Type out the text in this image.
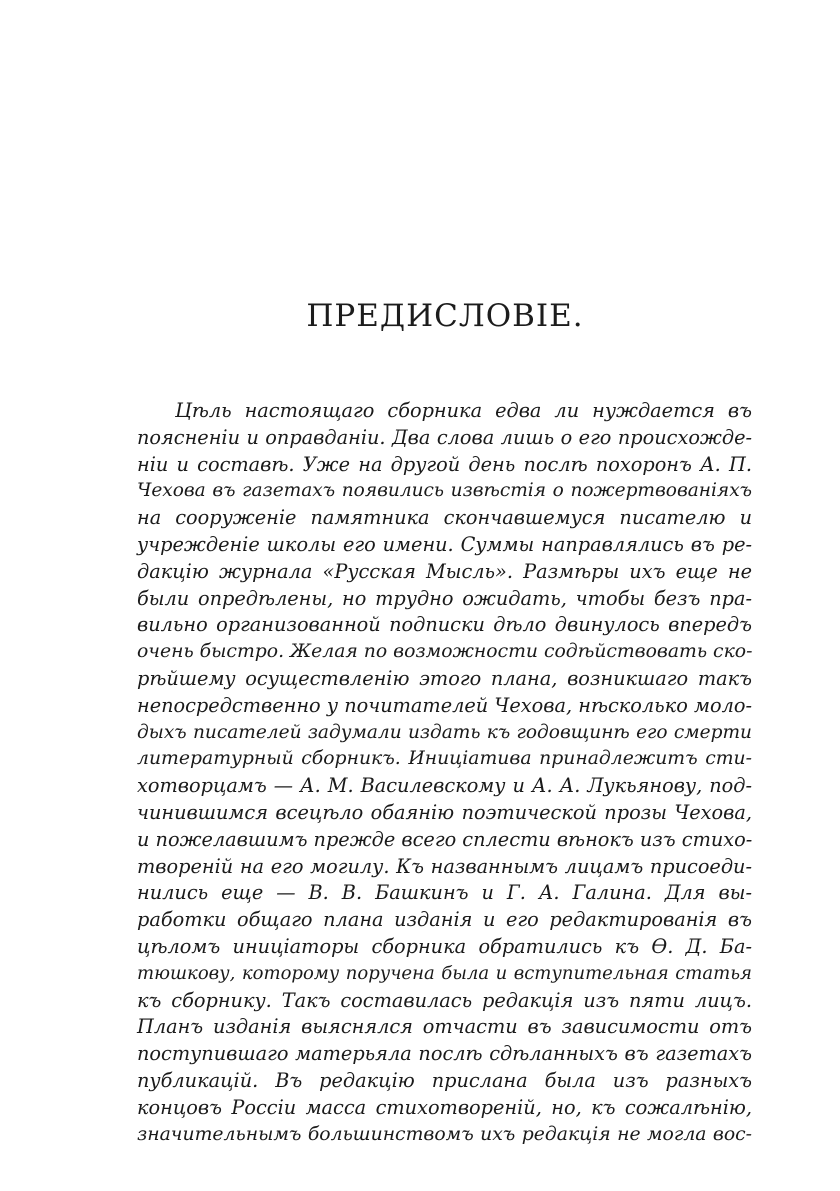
ПРЕДИСЛОВІЕ.
Цѣль настоящаго сборника едва ли нуждается въ
поясненіи и оправданіи. Два слова лишь о его происхожде-
ніи и составѣ. Уже на другой день послѣ похоронъ А. П.
Чехова въ газетахъ появились извѣстія о пожертвованіяхъ
на сооруженіе памятника скончавшемуся писателю и
учрежденіе школы его имени. Суммы направлялись въ ре-
дакцію журнала «Русская Мысль». Размѣры ихъ еще не
были опредѣлены, но трудно ожидать, чтобы безъ пра-
вильно организованной подписки дѣло двинулось впередъ
очень быстро. Желая по возможности содѣйствовать ско-
рѣйшему осуществленію этого плана, возникшаго такъ
непосредственно у почитателей Чехова, нѣсколько моло-
дыхъ писателей задумали издать къ годовщинѣ его смерти
литературный сборникъ. Иниціатива принадлежитъ сти-
хотворцамъ — А. М. Василевскому и А. А. Лукьянову, под-
чинившимся всецѣло обаянію поэтической прозы Чехова,
и пожелавшимъ прежде всего сплести вѣнокъ изъ стихо-
твореній на его могилу. Къ названнымъ лицамъ присоеди-
нились еще — В. В. Башкинъ и Г. А. Галина. Для вы-
работки общаго плана изданія и его редактированія въ
цѣломъ иниціаторы сборника обратились къ Ѳ. Д. Ба-
тюшкову, которому поручена была и вступительная статья
къ сборнику. Такъ составилась редакція изъ пяти лицъ.
Планъ изданія выяснялся отчасти въ зависимости отъ
поступившаго матерьяла послѣ сдѣланныхъ въ газетахъ
публикацій. Въ редакцію прислана была изъ разныхъ
концовъ Россіи масса стихотвореній, но, къ сожалѣнію,
значительнымъ большинствомъ ихъ редакція не могла вос-
